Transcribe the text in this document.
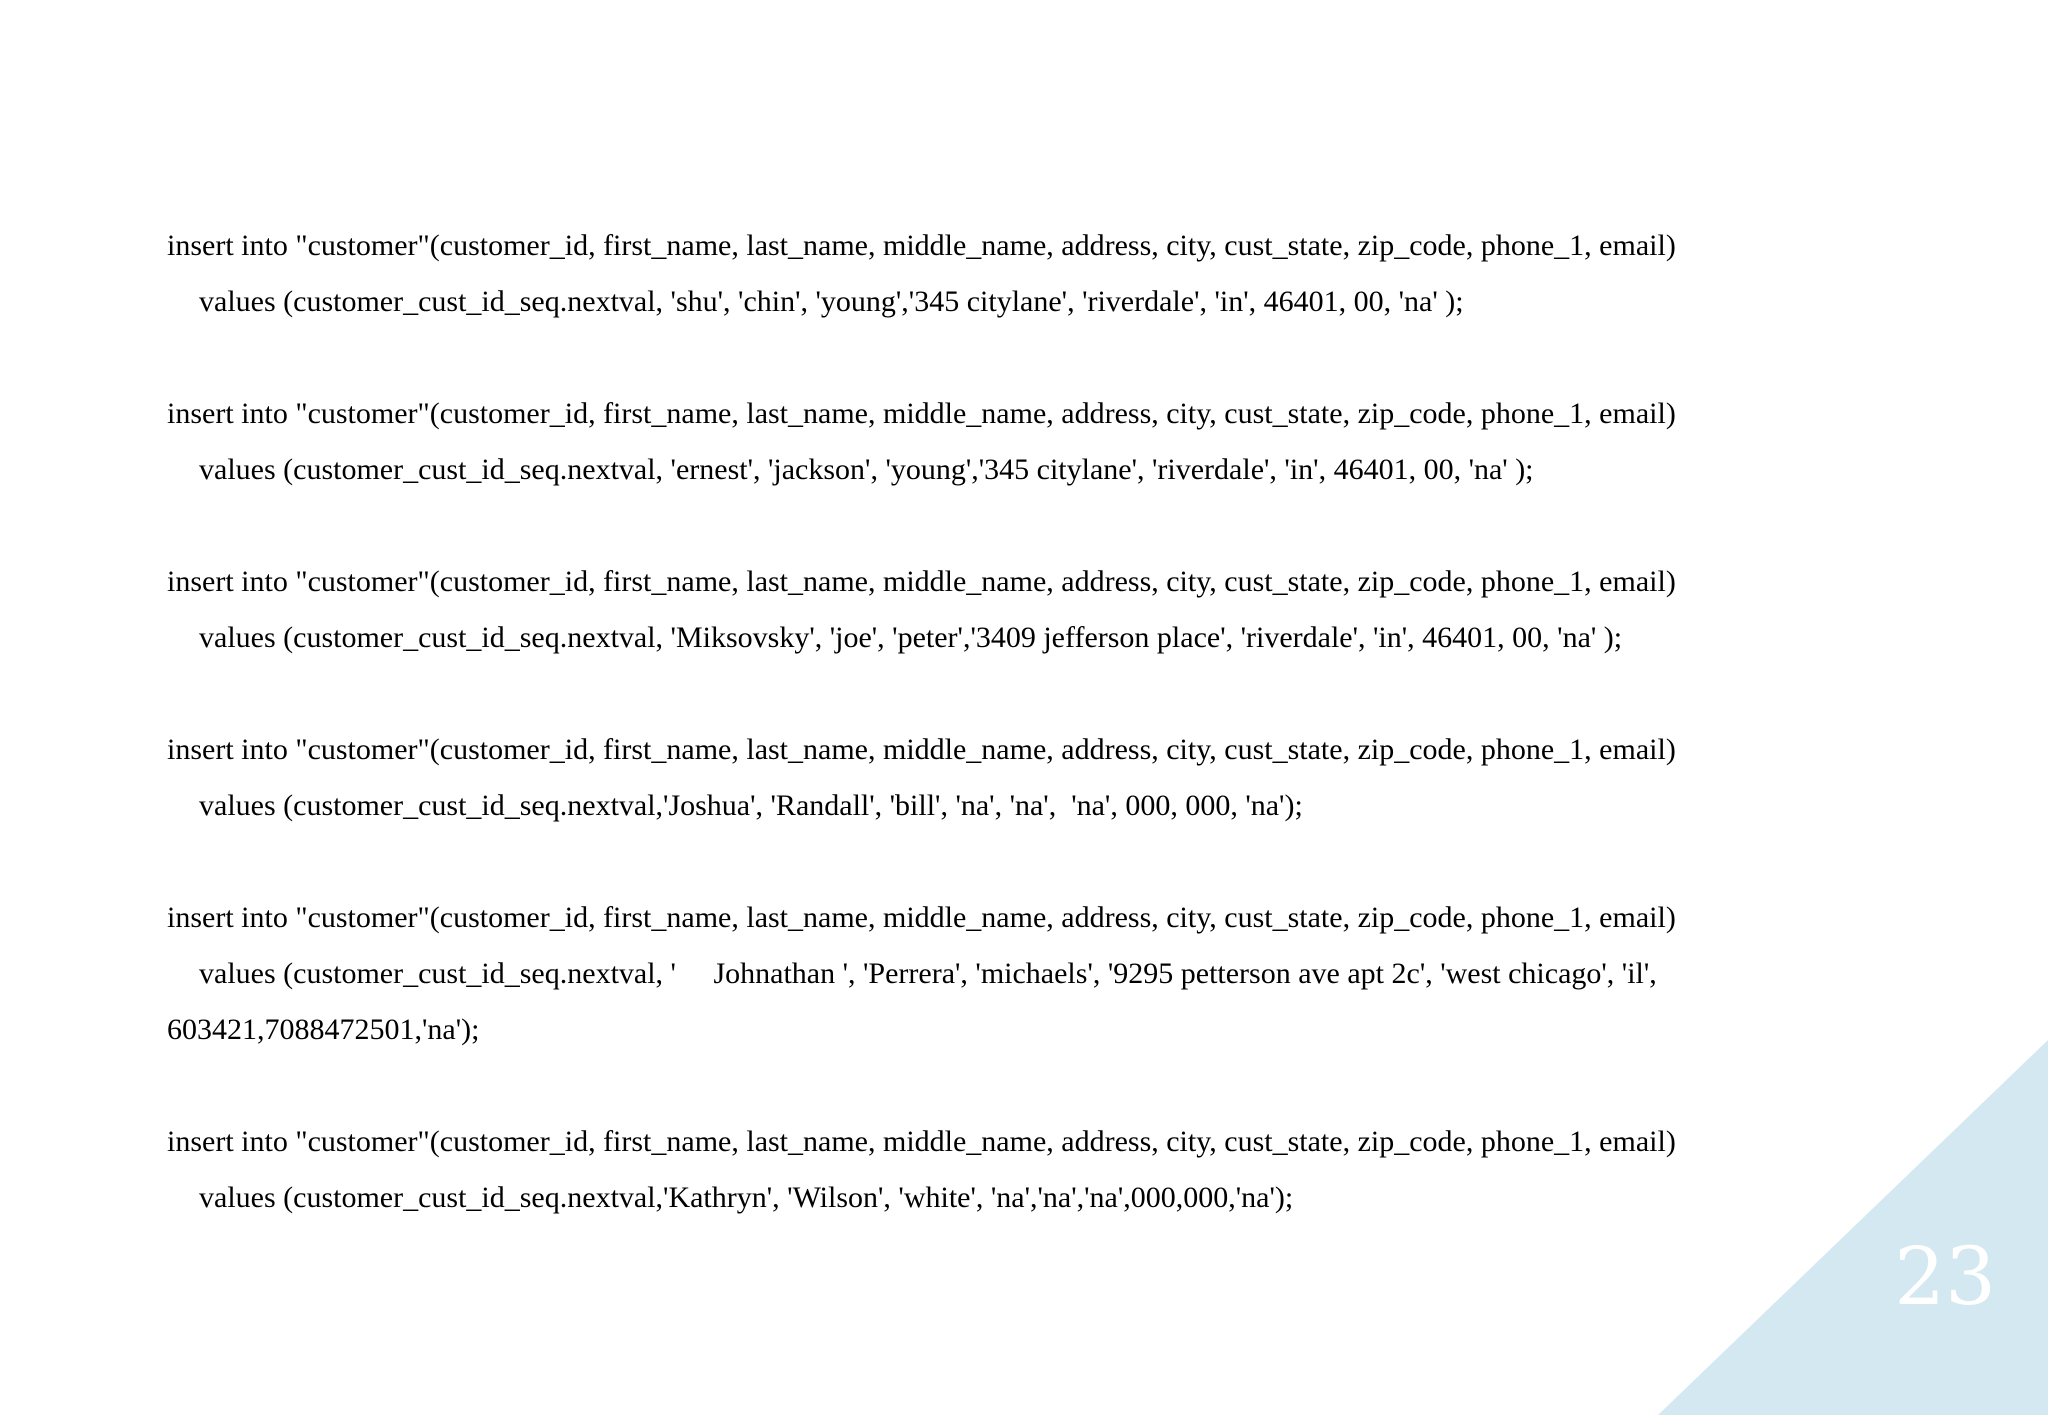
insert into "customer"(customer_id, first_name, last_name, middle_name, address, city, cust_state, zip_code, phone_1, email)
values (customer_cust_id_seq.nextval, 'shu', 'chin', 'young','345 citylane', 'riverdale', 'in', 46401, 00, 'na' );
insert into "customer"(customer_id, first_name, last_name, middle_name, address, city, cust_state, zip_code, phone_1, email)
values (customer_cust_id_seq.nextval, 'ernest', 'jackson', 'young','345 citylane', 'riverdale', 'in', 46401, 00, 'na' );
insert into "customer"(customer_id, first_name, last_name, middle_name, address, city, cust_state, zip_code, phone_1, email)
values (customer_cust_id_seq.nextval, 'Miksovsky', 'joe', 'peter','3409 jefferson place', 'riverdale', 'in', 46401, 00, 'na' );
insert into "customer"(customer_id, first_name, last_name, middle_name, address, city, cust_state, zip_code, phone_1, email)
values (customer_cust_id_seq.nextval,'Joshua', 'Randall', 'bill', 'na', 'na',  'na', 000, 000, 'na');
insert into "customer"(customer_id, first_name, last_name, middle_name, address, city, cust_state, zip_code, phone_1, email)
values (customer_cust_id_seq.nextval, '     Johnathan ', 'Perrera', 'michaels', '9295 petterson ave apt 2c', 'west chicago', 'il',
603421,7088472501,'na');
insert into "customer"(customer_id, first_name, last_name, middle_name, address, city, cust_state, zip_code, phone_1, email)
values (customer_cust_id_seq.nextval,'Kathryn', 'Wilson', 'white', 'na','na','na',000,000,'na');
23
